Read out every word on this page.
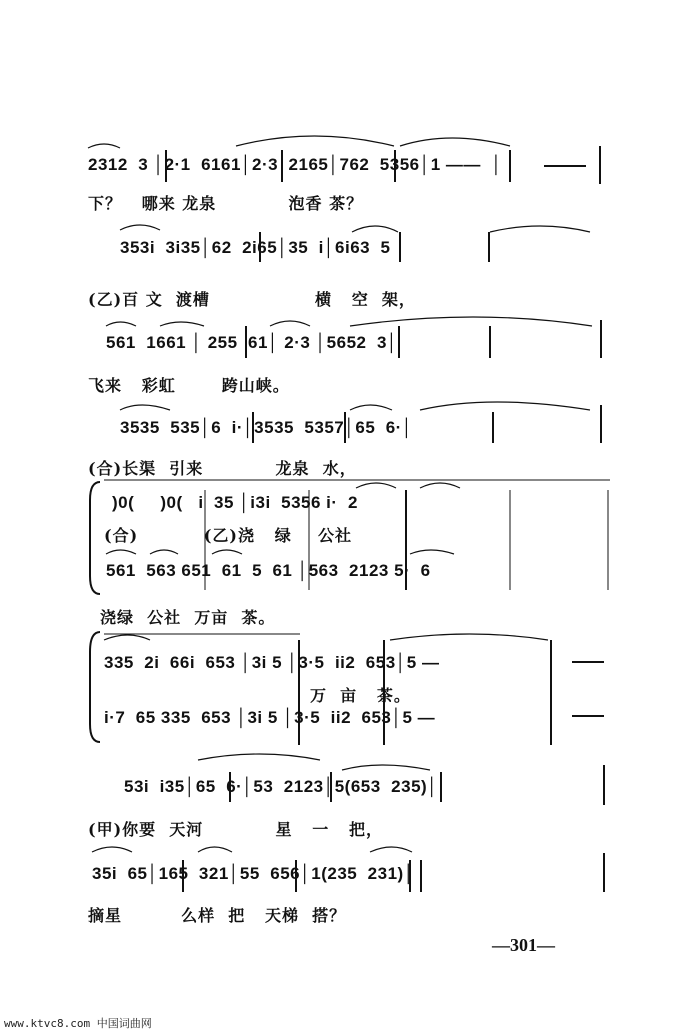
2312  3 │2·1  6161│2·3  2165│762  5356│1 ——  │
下？   哪来 龙泉           泡香 茶？
353i  3i35│62  2i65│35  i│6i63  5
(乙)百 文  渡槽                横   空  架，
561  1661 │ 255  61│ 2·3 │5652  3│
飞来   彩虹       跨山峡。
3535  535│6  i·│3535  5357│65  6·│
(合)长渠  引来           龙泉  水，
)0(     )0(   i  35 │i3i  5356 i·  2
(合)          (乙)浇   绿    公社
561  563 651  61  5  61 │563  2123 5·  6
浇绿  公社  万亩  茶。
335  2i  66i  653 │3i 5 │3·5  ii2  653│5 —
万  亩   茶。
i·7  65 335  653 │3i 5 │3·5  ii2  653│5 —
53i  i35│65  6·│53  2123│5(653  235)│
(甲)你要  天河           星   一   把，
35i  65│165  321│55  656│1(235  231)│
摘星         么样  把   天梯  搭？
—301—
www.ktvc8.com 中国词曲网
